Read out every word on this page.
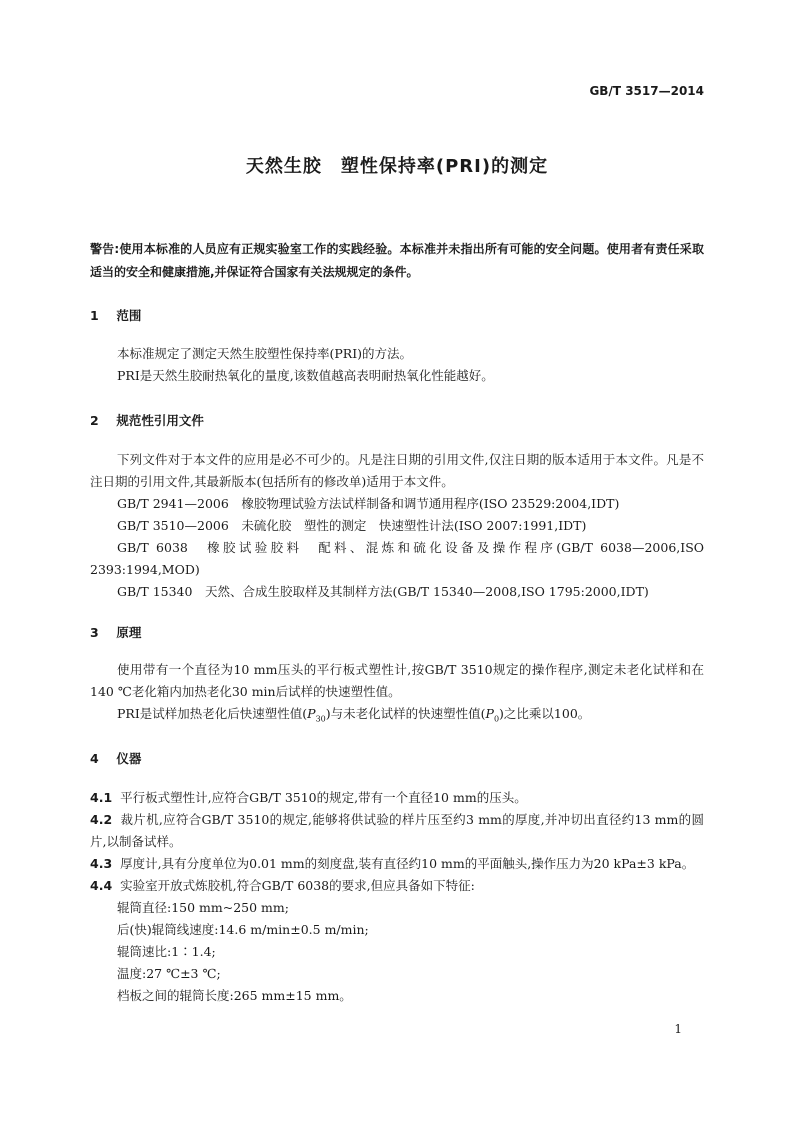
GB/T 3517—2014
天然生胶　塑性保持率(PRI)的测定
警告:使用本标准的人员应有正规实验室工作的实践经验。本标准并未指出所有可能的安全问题。使用者有责任采取适当的安全和健康措施,并保证符合国家有关法规规定的条件。
1 范围

本标准规定了测定天然生胶塑性保持率(PRI)的方法。

PRI是天然生胶耐热氧化的量度,该数值越高表明耐热氧化性能越好。

2 规范性引用文件

下列文件对于本文件的应用是必不可少的。凡是注日期的引用文件,仅注日期的版本适用于本文件。凡是不注日期的引用文件,其最新版本(包括所有的修改单)适用于本文件。

GB/T 2941—2006　橡胶物理试验方法试样制备和调节通用程序(ISO 23529:2004,IDT)

GB/T 3510—2006　未硫化胶　塑性的测定　快速塑性计法(ISO 2007:1991,IDT)

GB/T 6038　橡胶试验胶料　配料、混炼和硫化设备及操作程序(GB/T 6038—2006,ISO 2393:1994,MOD)

GB/T 15340　天然、合成生胶取样及其制样方法(GB/T 15340—2008,ISO 1795:2000,IDT)

3 原理

使用带有一个直径为10 mm压头的平行板式塑性计,按GB/T 3510规定的操作程序,测定未老化试样和在140 ℃老化箱内加热老化30 min后试样的快速塑性值。

PRI是试样加热老化后快速塑性值$(P_{30})$与未老化试样的快速塑性值$(P_0)$之比乘以100。

4 仪器

4.1 平行板式塑性计,应符合GB/T 3510的规定,带有一个直径10 mm的压头。

4.2 裁片机,应符合GB/T 3510的规定,能够将供试验的样片压至约3 mm的厚度,并冲切出直径约13 mm的圆片,以制备试样。

4.3 厚度计,具有分度单位为0.01 mm的刻度盘,装有直径约10 mm的平面触头,操作压力为20 kPa±3 kPa。

4.4 实验室开放式炼胶机,符合GB/T 6038的要求,但应具备如下特征:

辊筒直径:150 mm~250 mm;

后(快)辊筒线速度:14.6 m/min±0.5 m/min;

辊筒速比:1∶1.4;

温度:27 ℃±3 ℃;

档板之间的辊筒长度:265 mm±15 mm。

1
